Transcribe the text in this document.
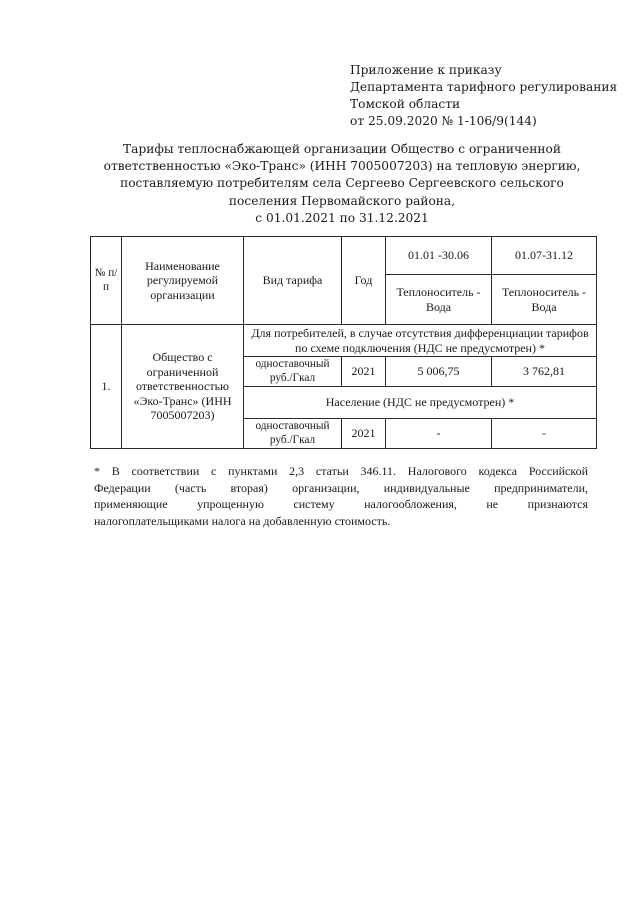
Приложение к приказу
Департамента тарифного регулирования
Томской области
от 25.09.2020 № 1-106/9(144)
Тарифы теплоснабжающей организации Общество с ограниченной
ответственностью «Эко-Транс» (ИНН 7005007203) на тепловую энергию,
поставляемую потребителям села Сергеево Сергеевского сельского
поселения Первомайского района,
с 01.01.2021 по 31.12.2021
№ п/п	Наименование регулируемой организации	Вид тарифа	Год	01.01 -30.06	01.07-31.12
				Теплоноситель - Вода	Теплоноситель - Вода
1.	Общество с ограниченной ответственностью «Эко-Транс» (ИНН 7005007203)	Для потребителей, в случае отсутствия дифференциации тарифов по схеме подключения (НДС не предусмотрен) *			
		одноставочный руб./Гкал	2021	5 006,75	3 762,81
		Население (НДС не предусмотрен) *			
		одноставочный руб./Гкал	2021	-	-
* В соответствии с пунктами 2,3 статьи 346.11. Налогового кодекса Российской
Федерации (часть вторая) организации, индивидуальные предприниматели,
применяющие упрощенную систему налогообложения, не признаются
налогоплательщиками налога на добавленную стоимость.
